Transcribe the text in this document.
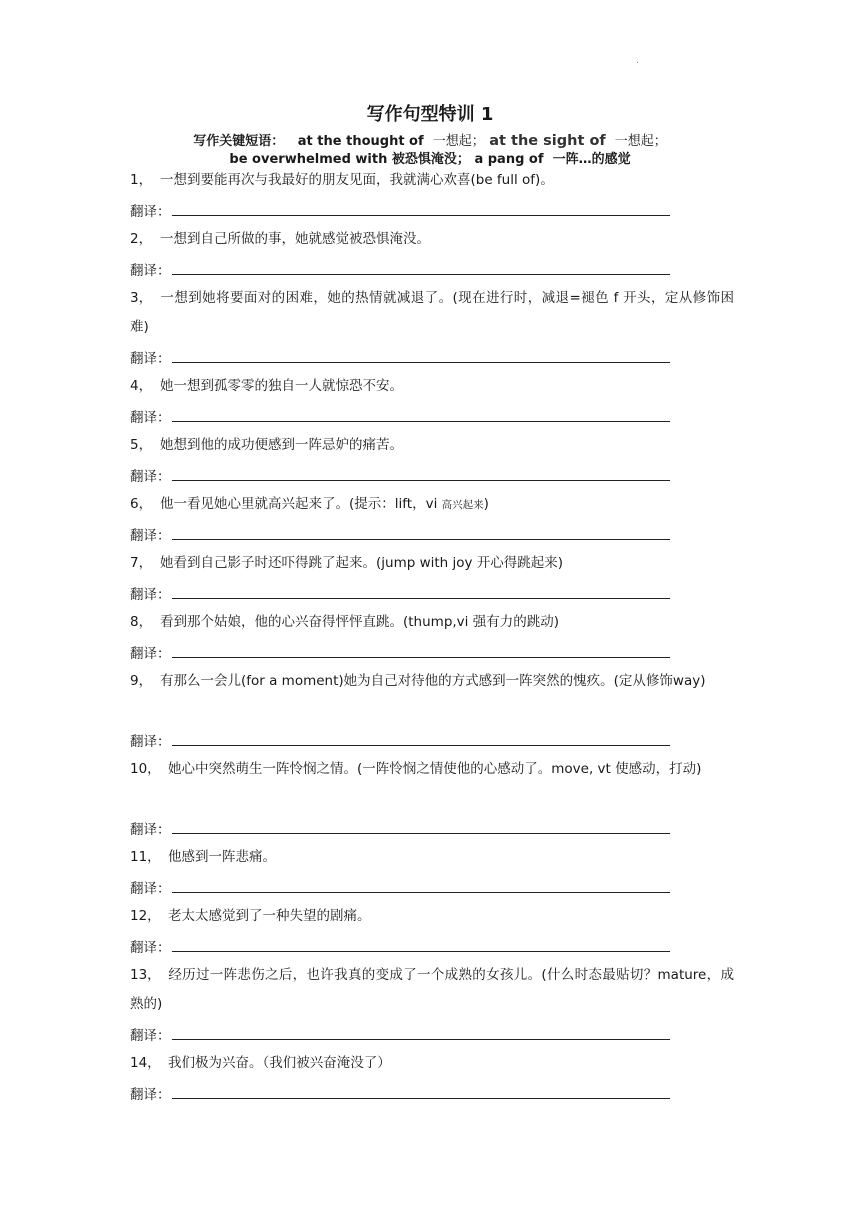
.
写作句型特训 1
写作关键短语： at the thought of 一想起； at the sight of 一想起；
be overwhelmed with 被恐惧淹没； a pang of 一阵…的感觉
1， 一想到要能再次与我最好的朋友见面，我就满心欢喜(be full of)。
翻译：
2， 一想到自己所做的事，她就感觉被恐惧淹没。
翻译：
3， 一想到她将要面对的困难，她的热情就减退了。(现在进行时，减退=褪色 f 开头，定从修饰困难)
翻译：
4， 她一想到孤零零的独自一人就惊恐不安。
翻译：
5， 她想到他的成功便感到一阵忌妒的痛苦。
翻译：
6， 他一看见她心里就高兴起来了。(提示：lift，vi 高兴起来)
翻译：
7， 她看到自己影子时还吓得跳了起来。(jump with joy 开心得跳起来)
翻译：
8， 看到那个姑娘，他的心兴奋得怦怦直跳。(thump,vi 强有力的跳动)
翻译：
9， 有那么一会儿(for a moment)她为自己对待他的方式感到一阵突然的愧疚。(定从修饰way)
翻译：
10， 她心中突然萌生一阵怜悯之情。(一阵怜悯之情使他的心感动了。move, vt 使感动，打动)
翻译：
11， 他感到一阵悲痛。
翻译：
12， 老太太感觉到了一种失望的剧痛。
翻译：
13， 经历过一阵悲伤之后，也许我真的变成了一个成熟的女孩儿。(什么时态最贴切？mature，成熟的)
翻译：
14， 我们极为兴奋。（我们被兴奋淹没了）
翻译：
